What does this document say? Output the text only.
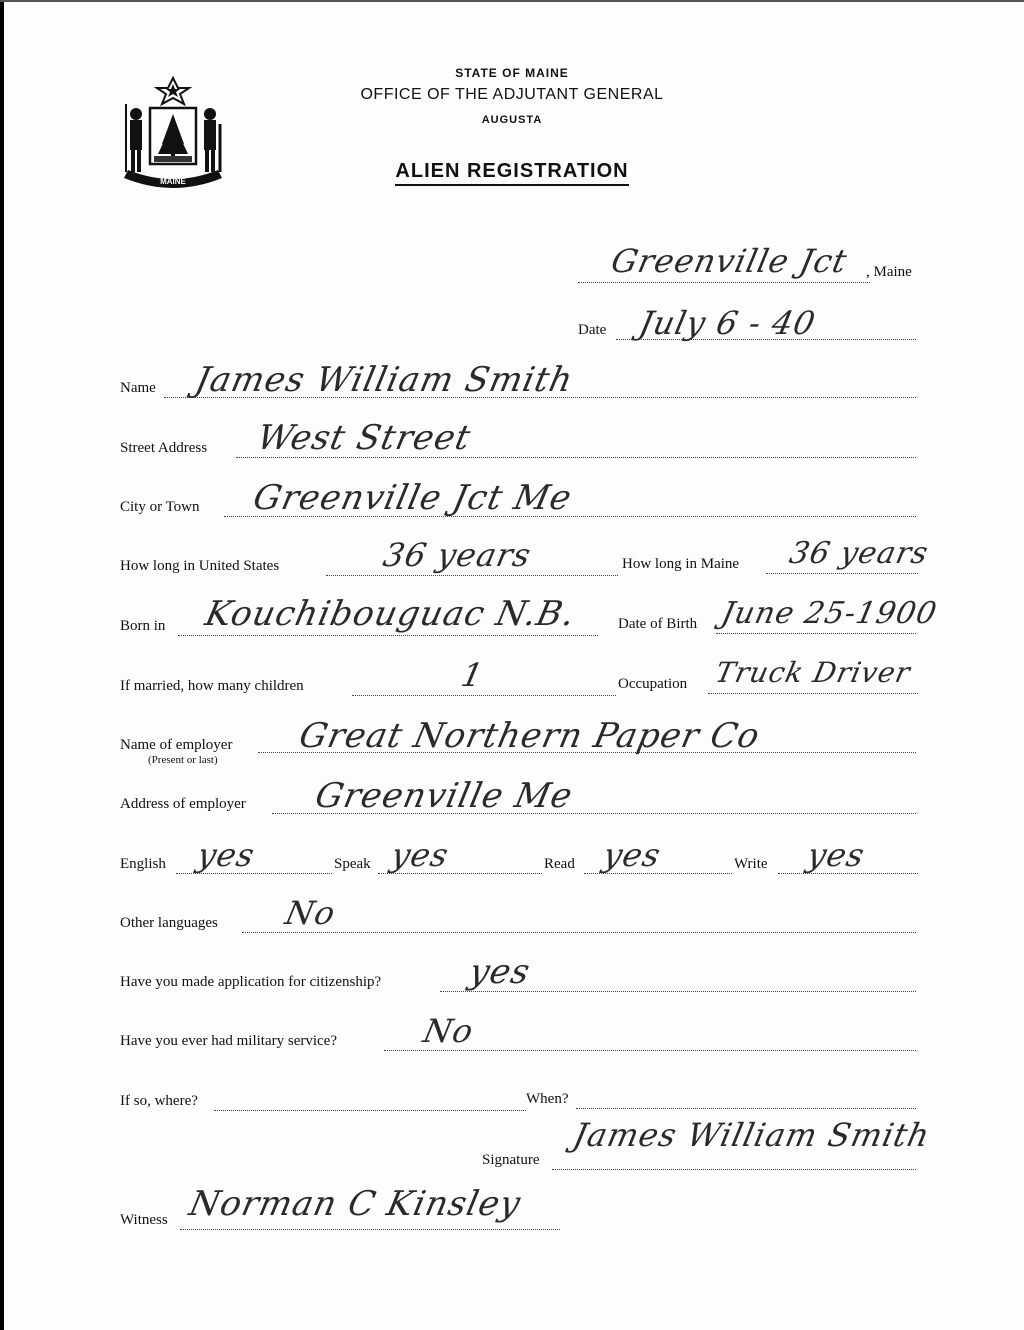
MAINE
STATE OF MAINE
OFFICE OF THE ADJUTANT GENERAL
AUGUSTA
ALIEN REGISTRATION
Greenville Jct , Maine
Date July 6 - 40
Name James William Smith
Street Address West Street
City or Town Greenville Jct Me
How long in United States	36 years	How long in Maine 36 years
Born in Kouchibouguac N.B.	Date of Birth June 25-1900
If married, how many children	1	Occupation Truck Driver
Name of employer
(Present or last)
Great Northern Paper Co
Address of employer Greenville Me
English yes	Speak yes	Read yes	Write yes
Other languages No
Have you made application for citizenship? yes
Have you ever had military service?	No
If so, where?	When?
Signature
James William Smith
Witness Norman C Kinsley
